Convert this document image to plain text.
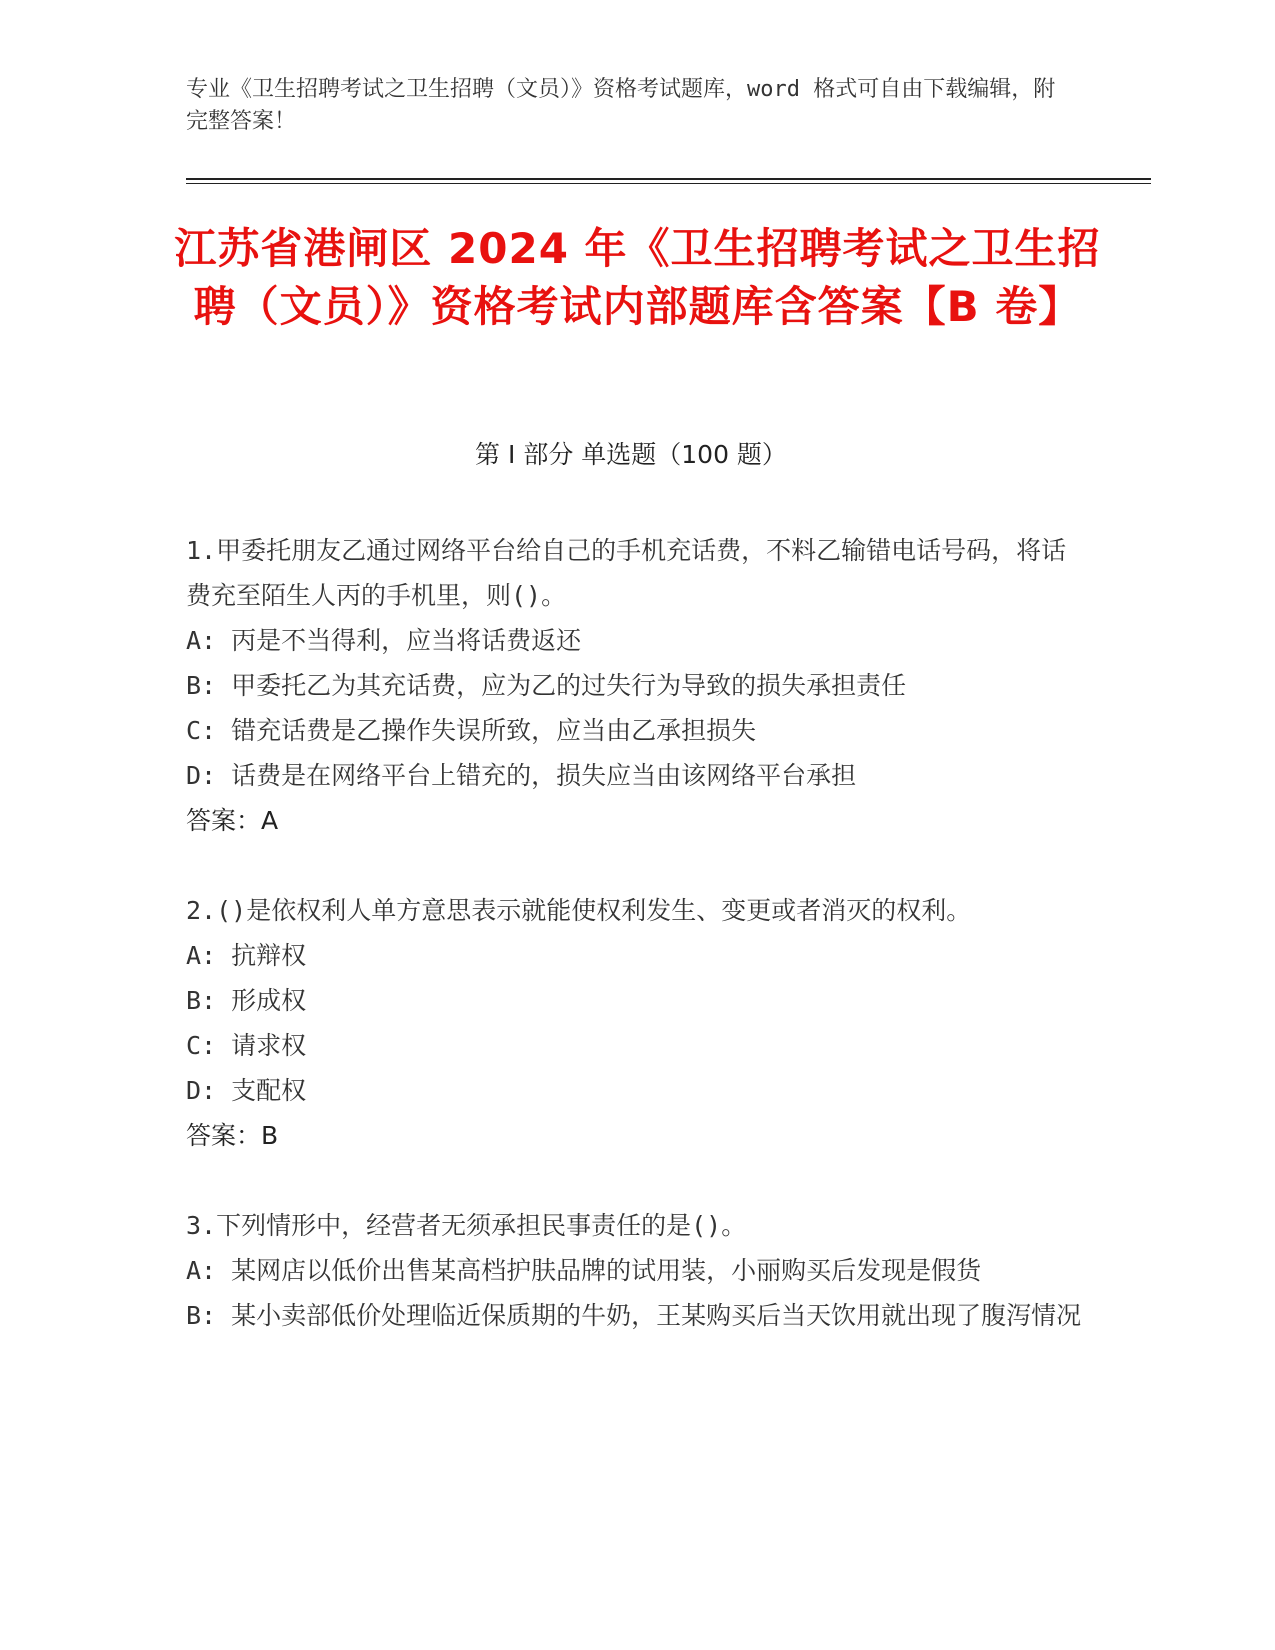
专业《卫生招聘考试之卫生招聘（文员）》资格考试题库，word 格式可自由下载编辑，附完整答案！
江苏省港闸区 2024 年《卫生招聘考试之卫生招聘（文员）》资格考试内部题库含答案【B 卷】
第 I 部分 单选题（100 题）

1.甲委托朋友乙通过网络平台给自己的手机充话费，不料乙输错电话号码，将话费充至陌生人丙的手机里，则()。

A: 丙是不当得利，应当将话费返还

B: 甲委托乙为其充话费，应为乙的过失行为导致的损失承担责任

C: 错充话费是乙操作失误所致，应当由乙承担损失

D: 话费是在网络平台上错充的，损失应当由该网络平台承担

答案：A

2.()是依权利人单方意思表示就能使权利发生、变更或者消灭的权利。

A: 抗辩权

B: 形成权

C: 请求权

D: 支配权

答案：B

3.下列情形中，经营者无须承担民事责任的是()。

A: 某网店以低价出售某高档护肤品牌的试用装，小丽购买后发现是假货

B: 某小卖部低价处理临近保质期的牛奶，王某购买后当天饮用就出现了腹泻情况
